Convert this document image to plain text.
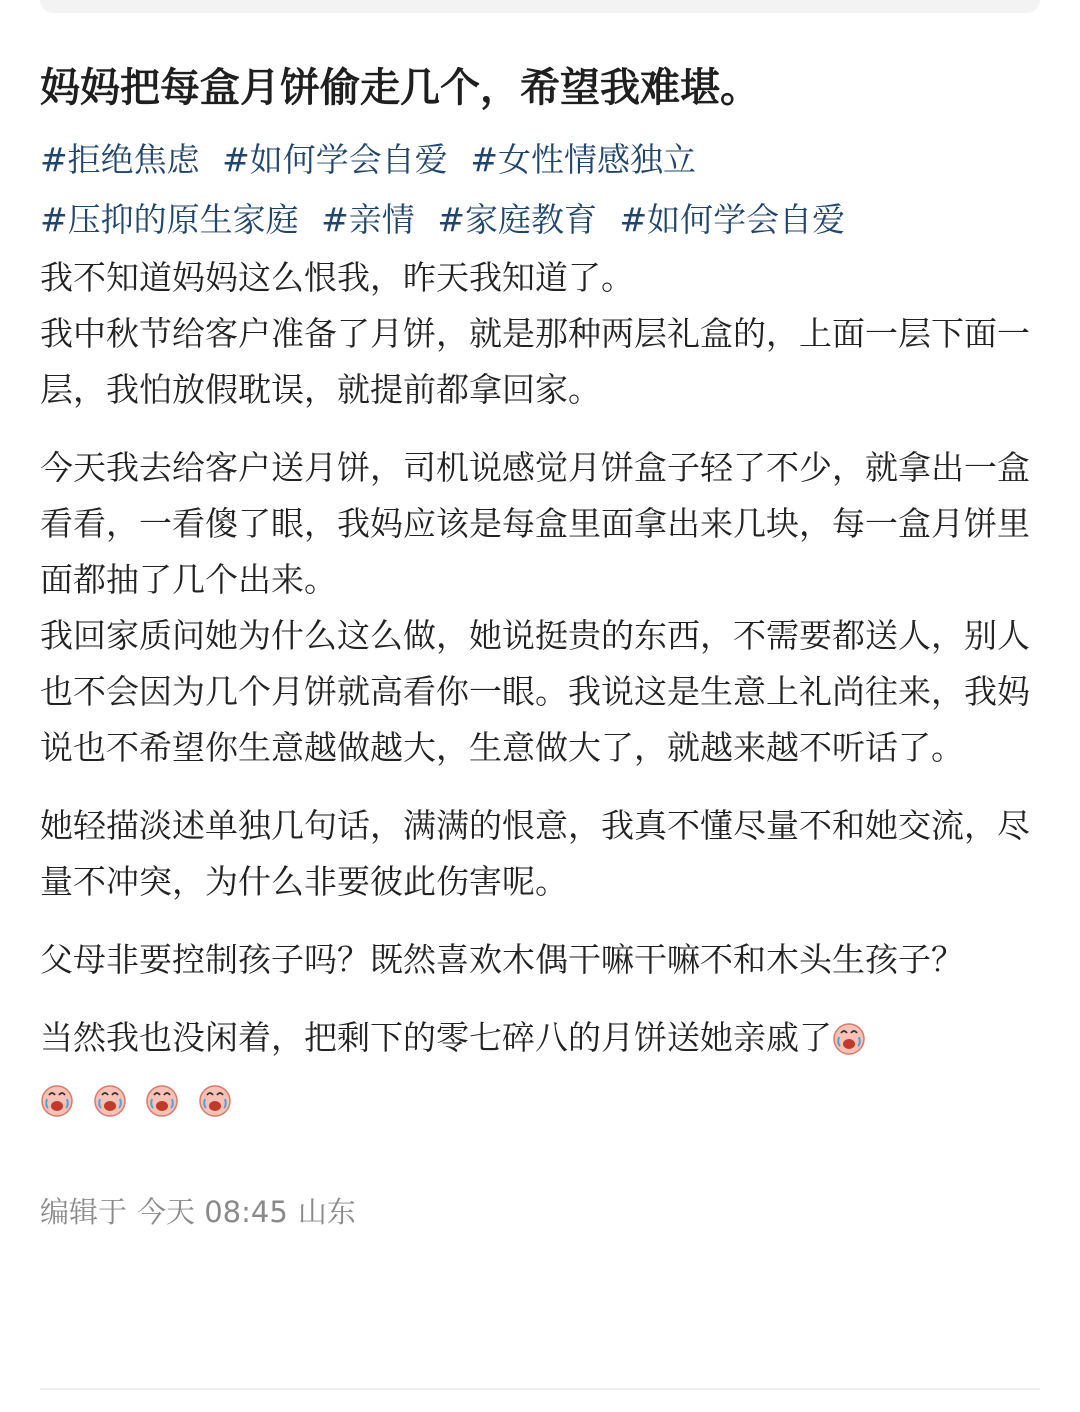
妈妈把每盒月饼偷走几个，希望我难堪。
#拒绝焦虑 #如何学会自爱 #女性情感独立
#压抑的原生家庭 #亲情 #家庭教育 #如何学会自爱

我不知道妈妈这么恨我，昨天我知道了。

我中秋节给客户准备了月饼，就是那种两层礼盒的，上面一层下面一层，我怕放假耽误，就提前都拿回家。

今天我去给客户送月饼，司机说感觉月饼盒子轻了不少，就拿出一盒看看，一看傻了眼，我妈应该是每盒里面拿出来几块，每一盒月饼里面都抽了几个出来。

我回家质问她为什么这么做，她说挺贵的东西，不需要都送人，别人也不会因为几个月饼就高看你一眼。我说这是生意上礼尚往来，我妈说也不希望你生意越做越大，生意做大了，就越来越不听话了。

她轻描淡述单独几句话，满满的恨意，我真不懂尽量不和她交流，尽量不冲突，为什么非要彼此伤害呢。

父母非要控制孩子吗？既然喜欢木偶干嘛干嘛不和木头生孩子？

当然我也没闲着，把剩下的零七碎八的月饼送她亲戚了

编辑于 今天 08:45 山东
